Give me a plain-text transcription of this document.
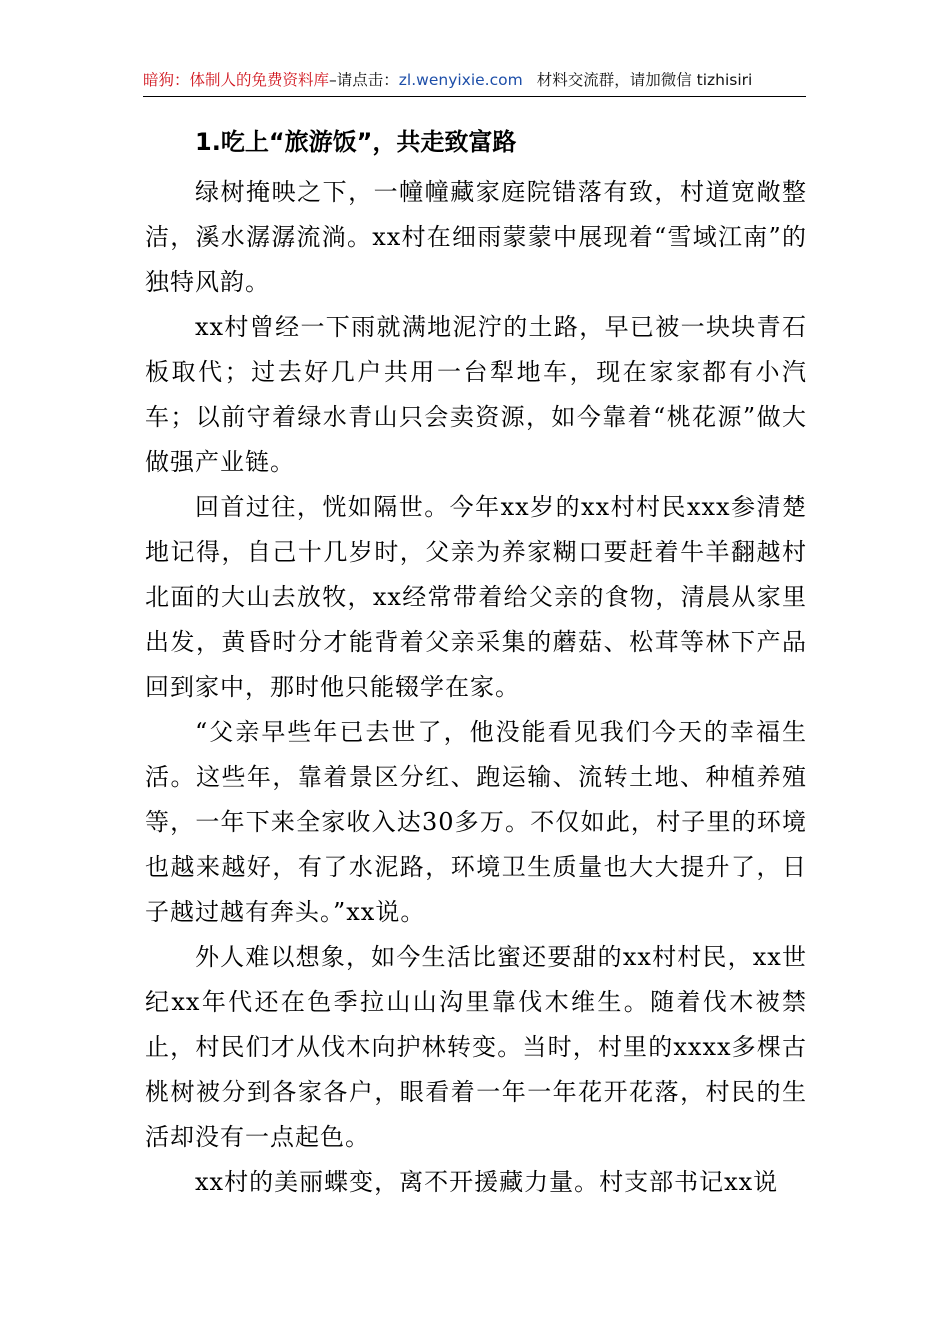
暗狗：体制人的免费资料库–请点击：zl.wenyixie.com 材料交流群，请加微信 tizhisiri
1.吃上“旅游饭”，共走致富路

绿树掩映之下，一幢幢藏家庭院错落有致，村道宽敞整洁，溪水潺潺流淌。xx村在细雨蒙蒙中展现着“雪域江南”的独特风韵。

xx村曾经一下雨就满地泥泞的土路，早已被一块块青石板取代；过去好几户共用一台犁地车，现在家家都有小汽车；以前守着绿水青山只会卖资源，如今靠着“桃花源”做大做强产业链。

回首过往，恍如隔世。今年xx岁的xx村村民xxx参清楚地记得，自己十几岁时，父亲为养家糊口要赶着牛羊翻越村北面的大山去放牧，xx经常带着给父亲的食物，清晨从家里出发，黄昏时分才能背着父亲采集的蘑菇、松茸等林下产品回到家中，那时他只能辍学在家。

“父亲早些年已去世了，他没能看见我们今天的幸福生活。这些年，靠着景区分红、跑运输、流转土地、种植养殖等，一年下来全家收入达30多万。不仅如此，村子里的环境也越来越好，有了水泥路，环境卫生质量也大大提升了，日子越过越有奔头。”xx说。

外人难以想象，如今生活比蜜还要甜的xx村村民，xx世纪xx年代还在色季拉山山沟里靠伐木维生。随着伐木被禁止，村民们才从伐木向护林转变。当时，村里的xxxx多棵古桃树被分到各家各户，眼看着一年一年花开花落，村民的生活却没有一点起色。

xx村的美丽蝶变，离不开援藏力量。村支部书记xx说
